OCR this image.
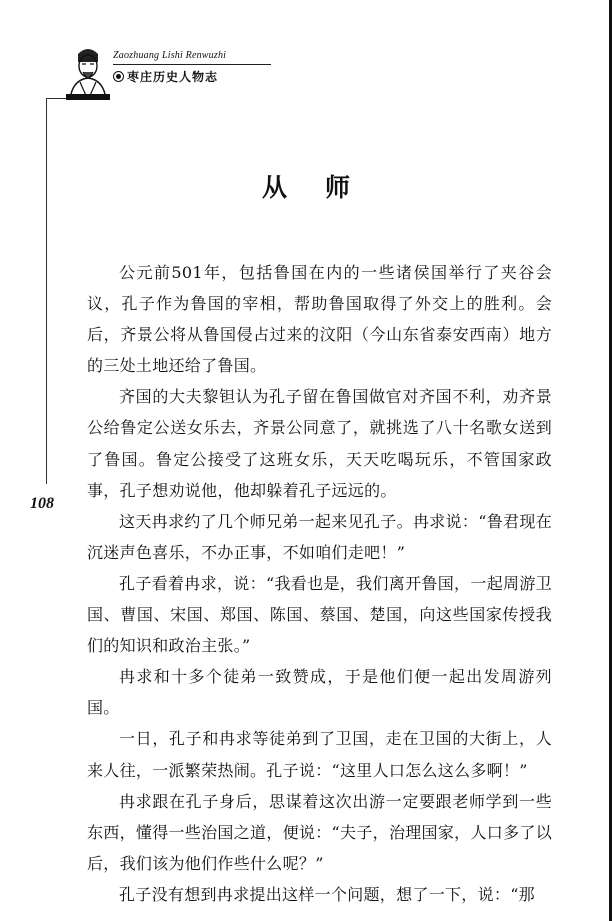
Zaozhuang Lishi Renwuzhi
枣庄历史人物志
108
从师

公元前501年，包括鲁国在内的一些诸侯国举行了夹谷会议，孔子作为鲁国的宰相，帮助鲁国取得了外交上的胜利。会后，齐景公将从鲁国侵占过来的汶阳（今山东省泰安西南）地方的三处土地还给了鲁国。

齐国的大夫黎钽认为孔子留在鲁国做官对齐国不利，劝齐景公给鲁定公送女乐去，齐景公同意了，就挑选了八十名歌女送到了鲁国。鲁定公接受了这班女乐，天天吃喝玩乐，不管国家政事，孔子想劝说他，他却躲着孔子远远的。

这天冉求约了几个师兄弟一起来见孔子。冉求说：“鲁君现在沉迷声色喜乐，不办正事，不如咱们走吧！”

孔子看着冉求，说：“我看也是，我们离开鲁国，一起周游卫国、曹国、宋国、郑国、陈国、蔡国、楚国，向这些国家传授我们的知识和政治主张。”

冉求和十多个徒弟一致赞成，于是他们便一起出发周游列国。

一日，孔子和冉求等徒弟到了卫国，走在卫国的大街上，人来人往，一派繁荣热闹。孔子说：“这里人口怎么这么多啊！”

冉求跟在孔子身后，思谋着这次出游一定要跟老师学到一些东西，懂得一些治国之道，便说：“夫子，治理国家，人口多了以后，我们该为他们作些什么呢？”

孔子没有想到冉求提出这样一个问题，想了一下，说：“那
